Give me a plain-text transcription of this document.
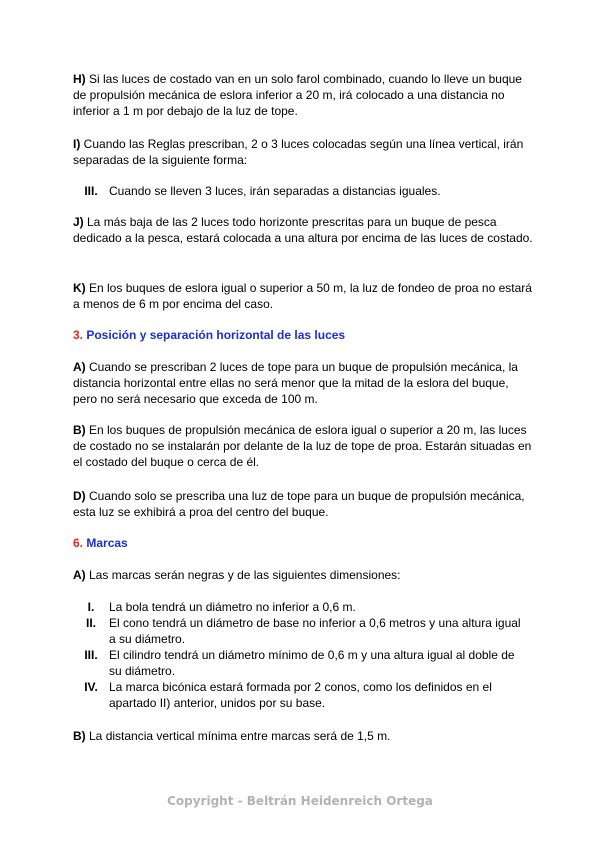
H) Si las luces de costado van en un solo farol combinado, cuando lo lleve un buque de propulsión mecánica de eslora inferior a 20 m, irá colocado a una distancia no inferior a 1 m por debajo de la luz de tope.

I) Cuando las Reglas prescriban, 2 o 3 luces colocadas según una línea vertical, irán separadas de la siguiente forma:

III. Cuando se lleven 3 luces, irán separadas a distancias iguales.

J) La más baja de las 2 luces todo horizonte prescritas para un buque de pesca dedicado a la pesca, estará colocada a una altura por encima de las luces de costado.

K) En los buques de eslora igual o superior a 50 m, la luz de fondeo de proa no estará a menos de 6 m por encima del caso.

3. Posición y separación horizontal de las luces

A) Cuando se prescriban 2 luces de tope para un buque de propulsión mecánica, la distancia horizontal entre ellas no será menor que la mitad de la eslora del buque, pero no será necesario que exceda de 100 m.

B) En los buques de propulsión mecánica de eslora igual o superior a 20 m, las luces de costado no se instalarán por delante de la luz de tope de proa. Estarán situadas en el costado del buque o cerca de él.

D) Cuando solo se prescriba una luz de tope para un buque de propulsión mecánica, esta luz se exhibirá a proa del centro del buque.

6. Marcas

A) Las marcas serán negras y de las siguientes dimensiones:

I.	La bola tendrá un diámetro no inferior a 0,6 m.
II.	El cono tendrá un diámetro de base no inferior a 0,6 metros y una altura igual a su diámetro.
III. El cilindro tendrá un diámetro mínimo de 0,6 m y una altura igual al doble de su diámetro.
IV. La marca bicónica estará formada por 2 conos, como los definidos en el apartado II) anterior, unidos por su base.

B) La distancia vertical mínima entre marcas será de 1,5 m.

Copyright - Beltrán Heidenreich Ortega
